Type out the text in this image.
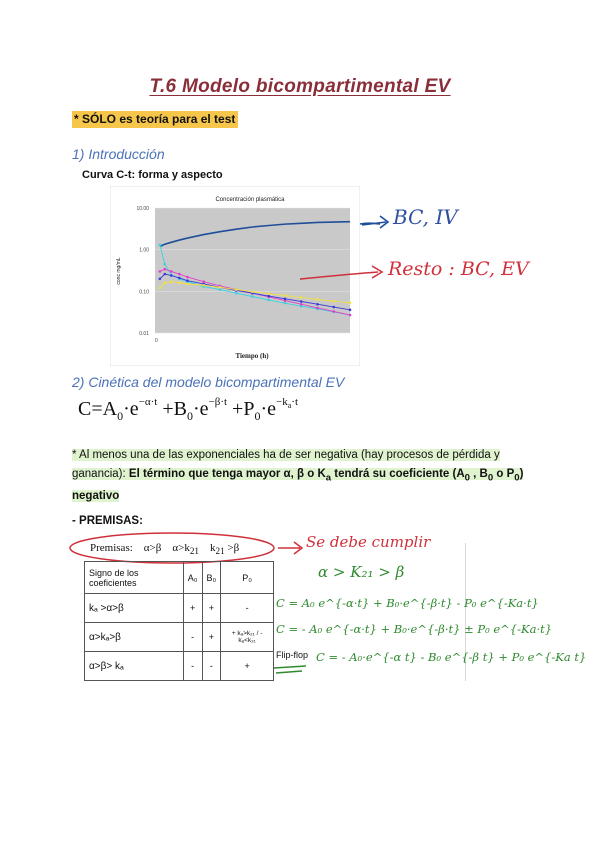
T.6 Modelo bicompartimental EV
* SÓLO es teoría para el test
1) Introducción
Curva C-t: forma y aspecto
Concentración plasmática
10.00
1.00
0.10
0.01
conc mg/mL
Tiempo (h)
0
BC, IV
Resto : BC, EV
2) Cinética del modelo bicompartimental EV
$C=A_0\cdot e^{-\alpha\cdot t} +B_0\cdot e^{-\beta\cdot t} +P_0\cdot e^{-k_a\cdot t}$
* Al menos una de las exponenciales ha de ser negativa (hay procesos de pérdida y ganancia): El término que tenga mayor α, β o $K_a$ tendrá su coeficiente ($A_0$ , $B_0$ o $P_0$) negativo
- PREMISAS:
Premisas: α>β $\alpha>k_{21}$ $k_{21} >\beta$	Se debe cumplir
Signo de los coeficientes	A₀	B₀	P₀
kₐ >α>β	+	+	-
α>kₐ>β	-	+	+ kₐ>k₂₁ / - kₐ<k₂₁
α>β> kₐ	-	-	+
Flip-flop
α > K₂₁ > β
C = A₀ e^{-α·t} + B₀·e^{-β·t} - P₀ e^{-Ka·t}
C = - A₀ e^{-α·t} + B₀·e^{-β·t} ± P₀ e^{-Ka·t}
C = - A₀·e^{-α t} - B₀ e^{-β t} + P₀ e^{-Ka t}
